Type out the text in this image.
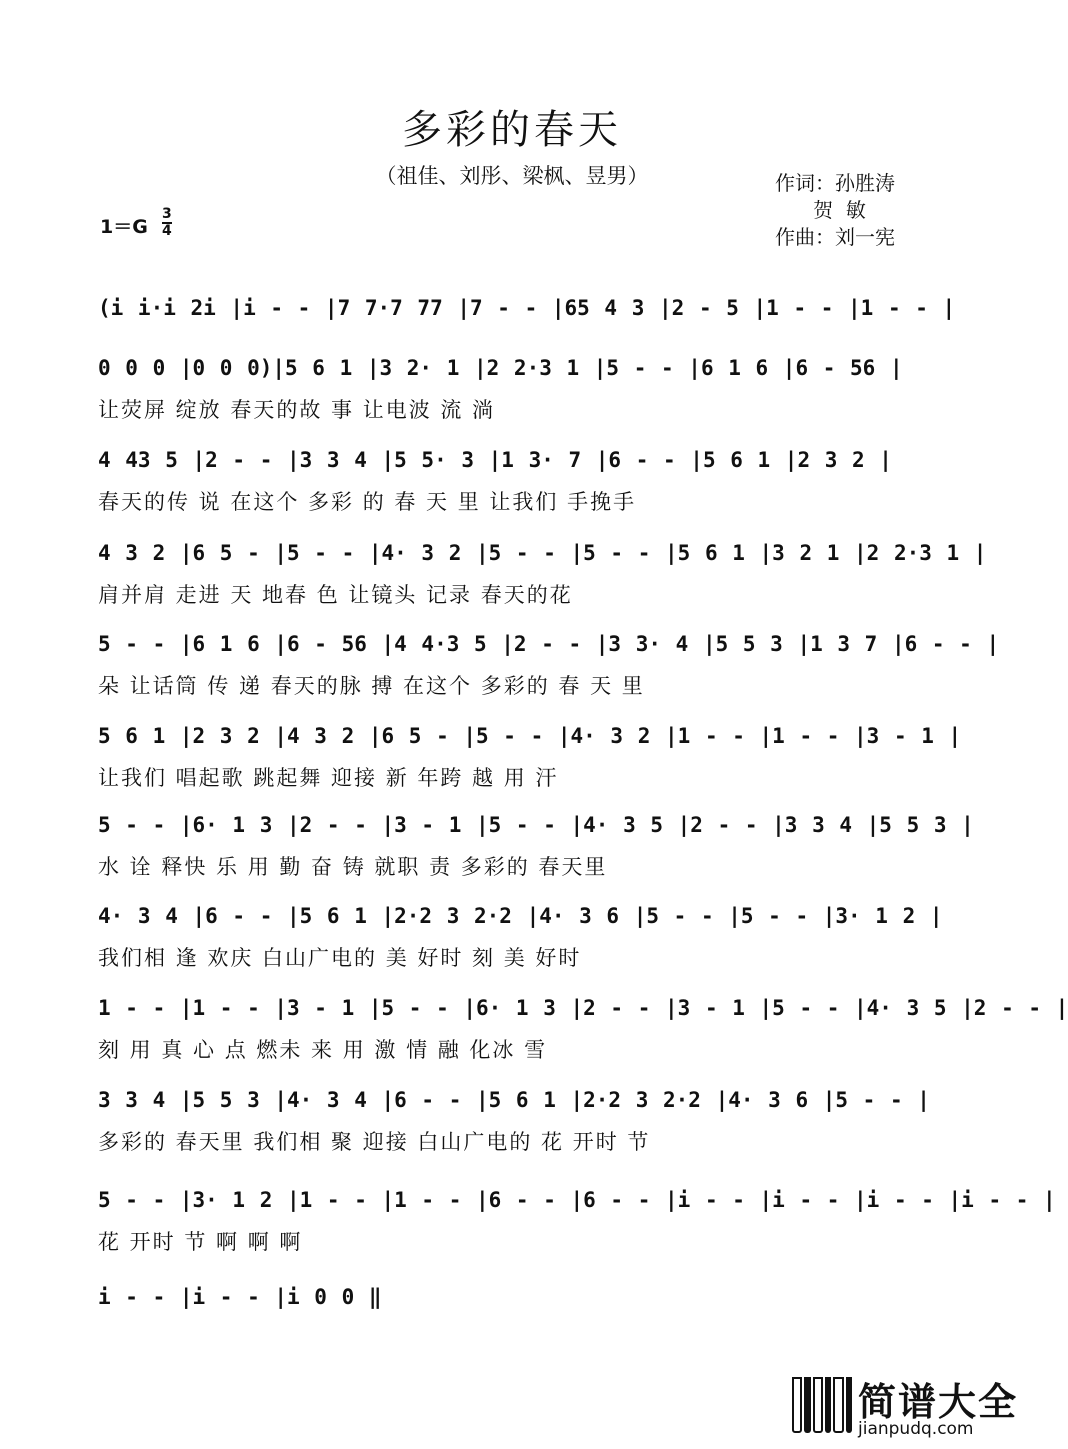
多彩的春天
（祖佳、刘彤、梁枫、昱男）	作词：孙胜涛
贺  敏
作曲：刘一宪
1＝G
3
4
(i i·i 2i |i - - |7 7·7 77 |7 - - |65 4 3 |2 - 5 |1 - - |1 - - |
0 0 0 |0 0 0)|5 6 1 |3 2· 1 |2 2·3 1 |5 - - |6 1 6 |6 - 56 |
让荧屏 绽放 春天的故 事 让电波 流 淌
4 43 5 |2 - - |3 3 4 |5 5· 3 |1 3· 7 |6 - - |5 6 1 |2 3 2 |
春天的传 说 在这个 多彩 的 春 天 里 让我们 手挽手
4 3 2 |6 5 - |5 - - |4· 3 2 |5 - - |5 - - |5 6 1 |3 2 1 |2 2·3 1 |
肩并肩 走进 天 地春 色 让镜头 记录 春天的花
5 - - |6 1 6 |6 - 56 |4 4·3 5 |2 - - |3 3· 4 |5 5 3 |1 3 7 |6 - - |
朵 让话筒 传 递 春天的脉 搏 在这个 多彩的 春 天 里
5 6 1 |2 3 2 |4 3 2 |6 5 - |5 - - |4· 3 2 |1 - - |1 - - |3 - 1 |
让我们 唱起歌 跳起舞 迎接 新 年跨 越 用 汗
5 - - |6· 1 3 |2 - - |3 - 1 |5 - - |4· 3 5 |2 - - |3 3 4 |5 5 3 |
水 诠 释快 乐 用 勤 奋 铸 就职 责 多彩的 春天里
4· 3 4 |6 - - |5 6 1 |2·2 3 2·2 |4· 3 6 |5 - - |5 - - |3· 1 2 |
我们相 逢 欢庆 白山广电的 美 好时 刻 美 好时
1 - - |1 - - |3 - 1 |5 - - |6· 1 3 |2 - - |3 - 1 |5 - - |4· 3 5 |2 - - |
刻 用 真 心 点 燃未 来 用 激 情 融 化冰 雪
3 3 4 |5 5 3 |4· 3 4 |6 - - |5 6 1 |2·2 3 2·2 |4· 3 6 |5 - - |
多彩的 春天里 我们相 聚 迎接 白山广电的 花 开时 节
5 - - |3· 1 2 |1 - - |1 - - |6 - - |6 - - |i - - |i - - |i - - |i - - |
花 开时 节 啊 啊 啊
i - - |i - - |i 0 0 ‖
简谱大全
jianpudq.com
